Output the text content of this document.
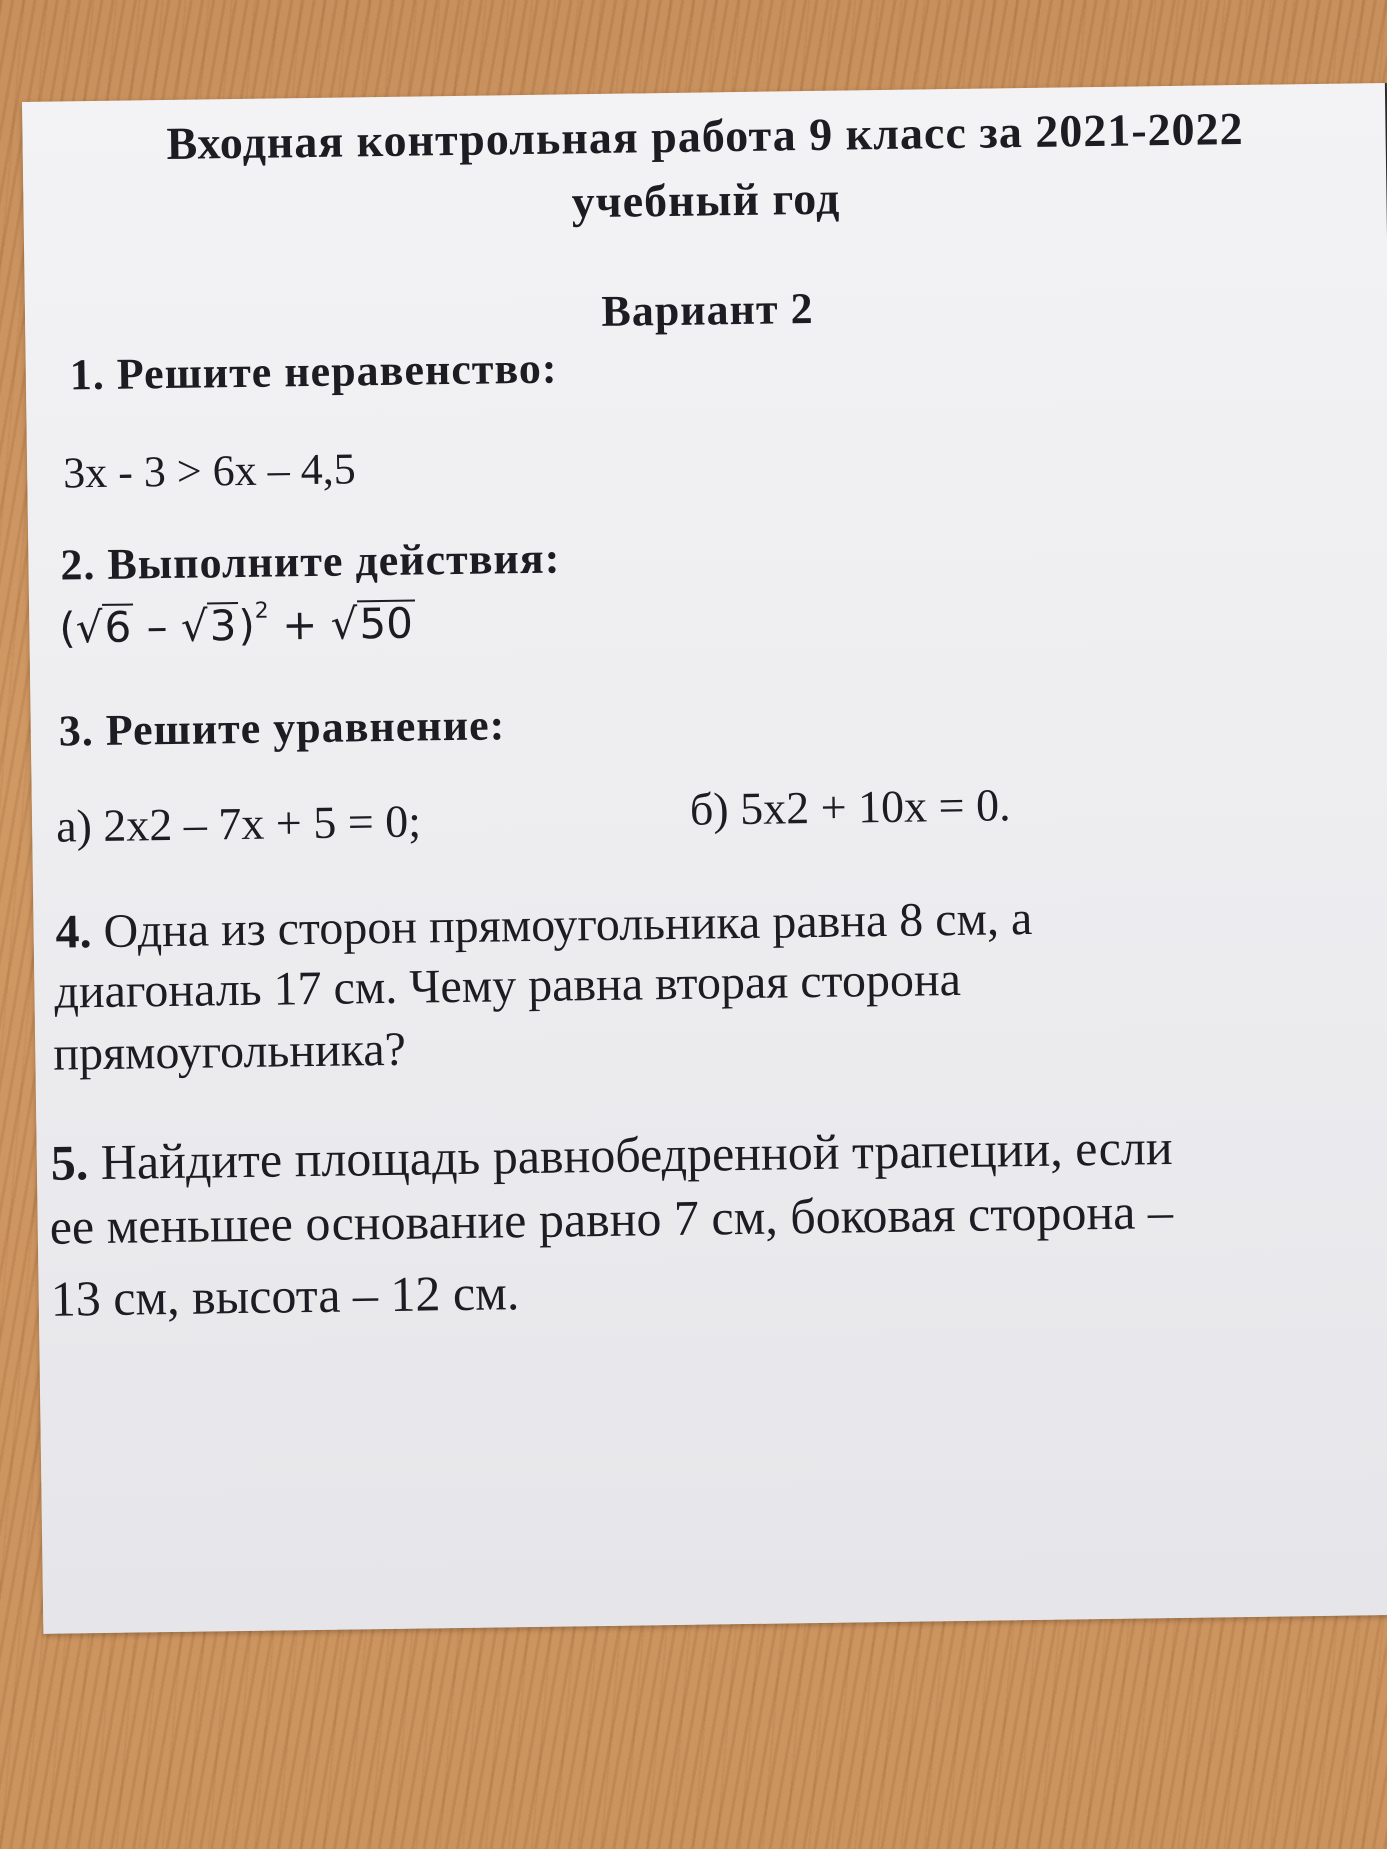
Входная контрольная работа 9 класс за 2021-2022
учебный год
Вариант 2
1. Решите неравенство:
3x - 3 > 6x – 4,5
2. Выполните действия:
(√6 – √3)$^2$ + √50
3. Решите уравнение:
а) 2x2 – 7x + 5 = 0;	б) 5x2 + 10x = 0.
4. Одна из сторон прямоугольника равна 8 см, а
диагональ 17 см. Чему равна вторая сторона
прямоугольника?
5. Найдите площадь равнобедренной трапеции, если
ее меньшее основание равно 7 см, боковая сторона –
13 см, высота – 12 см.
